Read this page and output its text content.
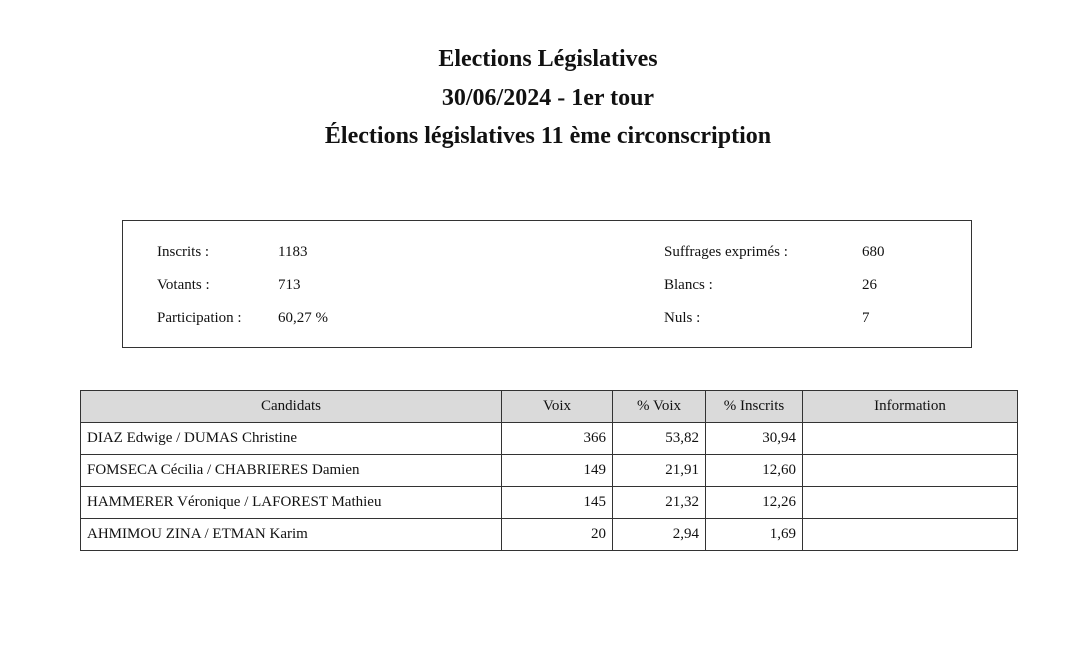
Elections Législatives
30/06/2024 - 1er tour
Élections législatives 11 ème circonscription
Inscrits :	1183
Votants :	713
Participation : 60,27 %
Suffrages exprimés :	680
Blancs :	26
Nuls :	7
Candidats	Voix	% Voix	% Inscrits	Information
DIAZ Edwige / DUMAS Christine	366	53,82	30,94	
FOMSECA Cécilia / CHABRIERES Damien	149	21,91	12,60	
HAMMERER Véronique / LAFOREST Mathieu	145	21,32	12,26	
AHMIMOU ZINA / ETMAN Karim	20	2,94	1,69	
